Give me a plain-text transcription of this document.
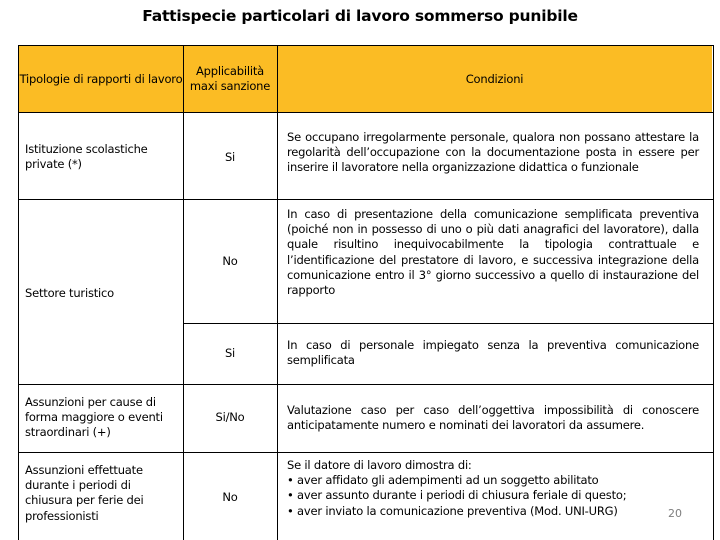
Fattispecie particolari di lavoro sommerso punibile
Tipologie di rapporti di lavoro
Applicabilità maxi sanzione
Condizioni
Istituzione scolastiche private (*)
Si
Se occupano irregolarmente personale, qualora non possano attestare la regolarità dell’occupazione con la documentazione posta in essere per inserire il lavoratore nella organizzazione didattica o funzionale
Settore turistico
No
In caso di presentazione della comunicazione semplificata preventiva (poiché non in possesso di uno o più dati anagrafici del lavoratore), dalla quale risultino inequivocabilmente la tipologia contrattuale e l’identificazione del prestatore di lavoro, e successiva integrazione della comunicazione entro il 3° giorno successivo a quello di instaurazione del rapporto
Si
In caso di personale impiegato senza la preventiva comunicazione semplificata
Assunzioni per cause di forma maggiore o eventi straordinari (+)
Si/No	Valutazione caso per caso dell’oggettiva impossibilità di conoscere anticipatamente numero e nominati dei lavoratori da assumere.
Assunzioni effettuate durante i periodi di chiusura per ferie dei professionisti
No
Se il datore di lavoro dimostra di:
• aver affidato gli adempimenti ad un soggetto abilitato
• aver assunto durante i periodi di chiusura feriale di questo;
• aver inviato la comunicazione preventiva (Mod. UNI-URG)	20
